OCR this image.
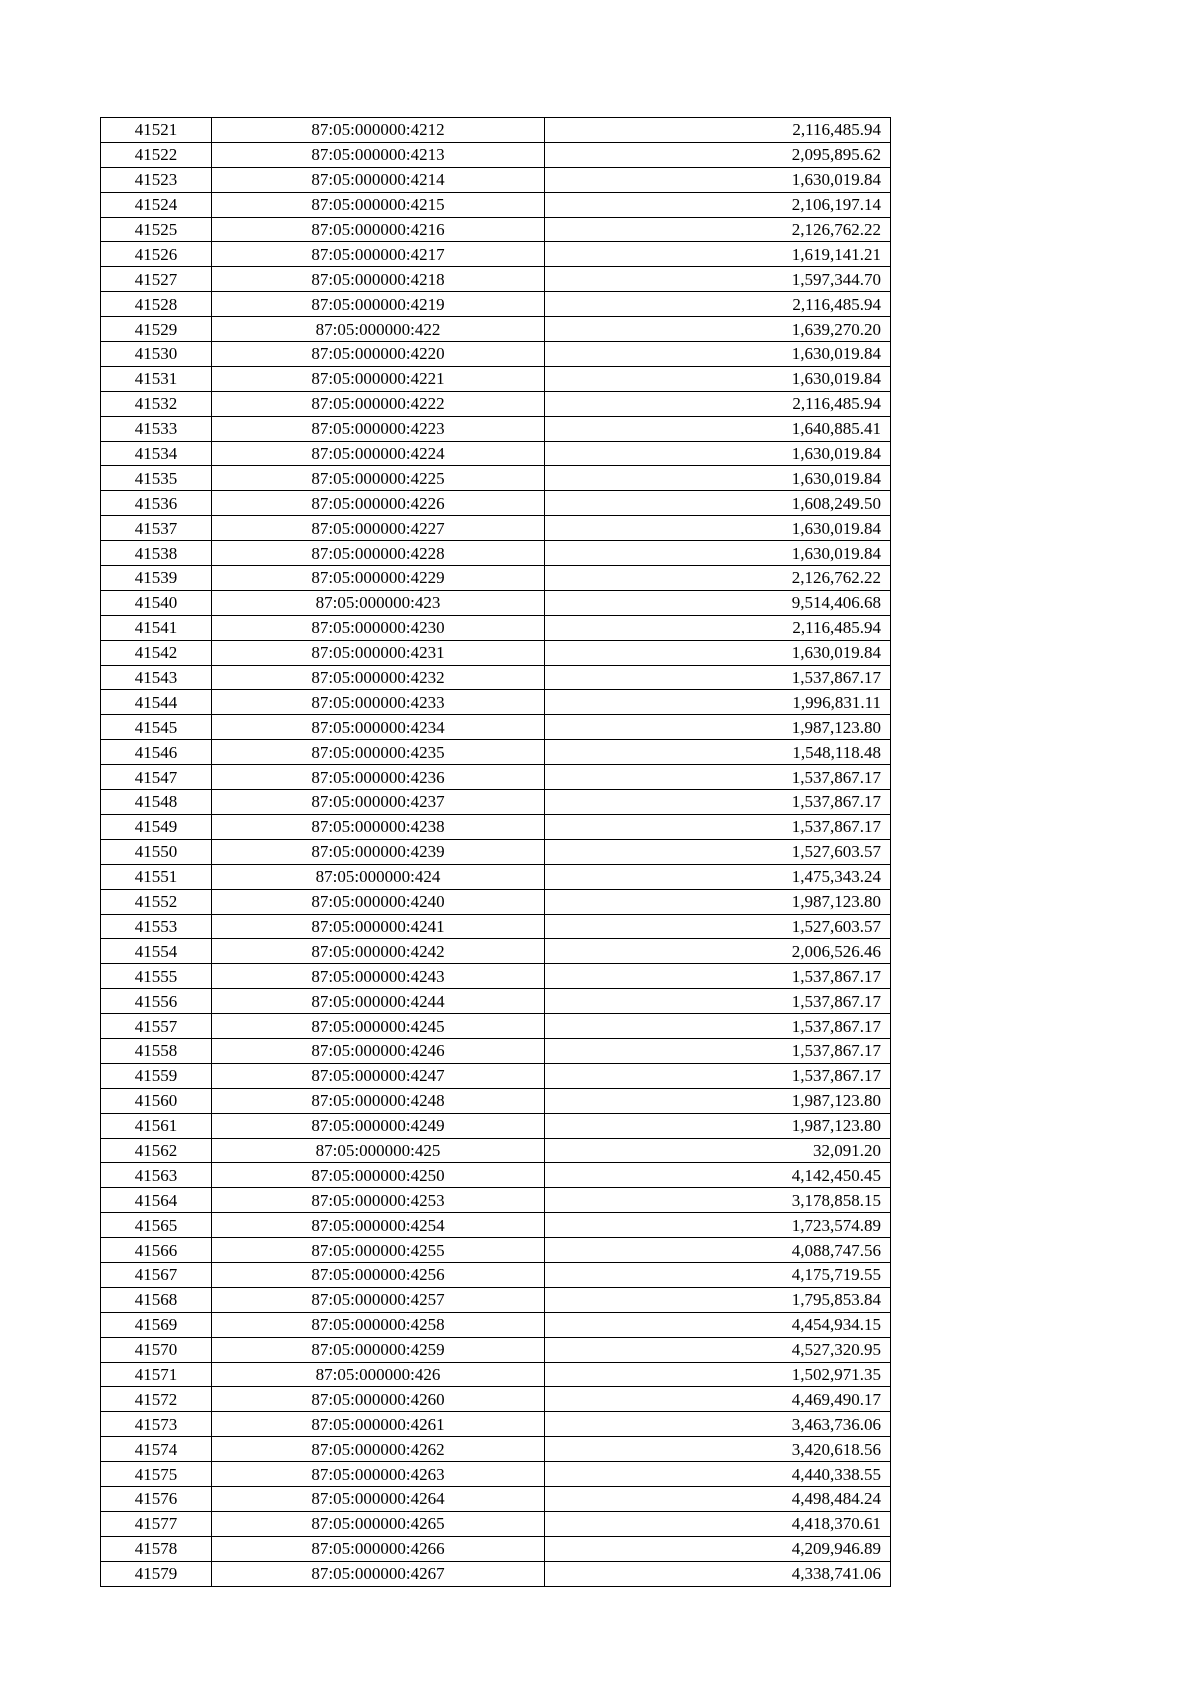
41521	87:05:000000:4212	2,116,485.94
41522	87:05:000000:4213	2,095,895.62
41523	87:05:000000:4214	1,630,019.84
41524	87:05:000000:4215	2,106,197.14
41525	87:05:000000:4216	2,126,762.22
41526	87:05:000000:4217	1,619,141.21
41527	87:05:000000:4218	1,597,344.70
41528	87:05:000000:4219	2,116,485.94
41529	87:05:000000:422	1,639,270.20
41530	87:05:000000:4220	1,630,019.84
41531	87:05:000000:4221	1,630,019.84
41532	87:05:000000:4222	2,116,485.94
41533	87:05:000000:4223	1,640,885.41
41534	87:05:000000:4224	1,630,019.84
41535	87:05:000000:4225	1,630,019.84
41536	87:05:000000:4226	1,608,249.50
41537	87:05:000000:4227	1,630,019.84
41538	87:05:000000:4228	1,630,019.84
41539	87:05:000000:4229	2,126,762.22
41540	87:05:000000:423	9,514,406.68
41541	87:05:000000:4230	2,116,485.94
41542	87:05:000000:4231	1,630,019.84
41543	87:05:000000:4232	1,537,867.17
41544	87:05:000000:4233	1,996,831.11
41545	87:05:000000:4234	1,987,123.80
41546	87:05:000000:4235	1,548,118.48
41547	87:05:000000:4236	1,537,867.17
41548	87:05:000000:4237	1,537,867.17
41549	87:05:000000:4238	1,537,867.17
41550	87:05:000000:4239	1,527,603.57
41551	87:05:000000:424	1,475,343.24
41552	87:05:000000:4240	1,987,123.80
41553	87:05:000000:4241	1,527,603.57
41554	87:05:000000:4242	2,006,526.46
41555	87:05:000000:4243	1,537,867.17
41556	87:05:000000:4244	1,537,867.17
41557	87:05:000000:4245	1,537,867.17
41558	87:05:000000:4246	1,537,867.17
41559	87:05:000000:4247	1,537,867.17
41560	87:05:000000:4248	1,987,123.80
41561	87:05:000000:4249	1,987,123.80
41562	87:05:000000:425	32,091.20
41563	87:05:000000:4250	4,142,450.45
41564	87:05:000000:4253	3,178,858.15
41565	87:05:000000:4254	1,723,574.89
41566	87:05:000000:4255	4,088,747.56
41567	87:05:000000:4256	4,175,719.55
41568	87:05:000000:4257	1,795,853.84
41569	87:05:000000:4258	4,454,934.15
41570	87:05:000000:4259	4,527,320.95
41571	87:05:000000:426	1,502,971.35
41572	87:05:000000:4260	4,469,490.17
41573	87:05:000000:4261	3,463,736.06
41574	87:05:000000:4262	3,420,618.56
41575	87:05:000000:4263	4,440,338.55
41576	87:05:000000:4264	4,498,484.24
41577	87:05:000000:4265	4,418,370.61
41578	87:05:000000:4266	4,209,946.89
41579	87:05:000000:4267	4,338,741.06
